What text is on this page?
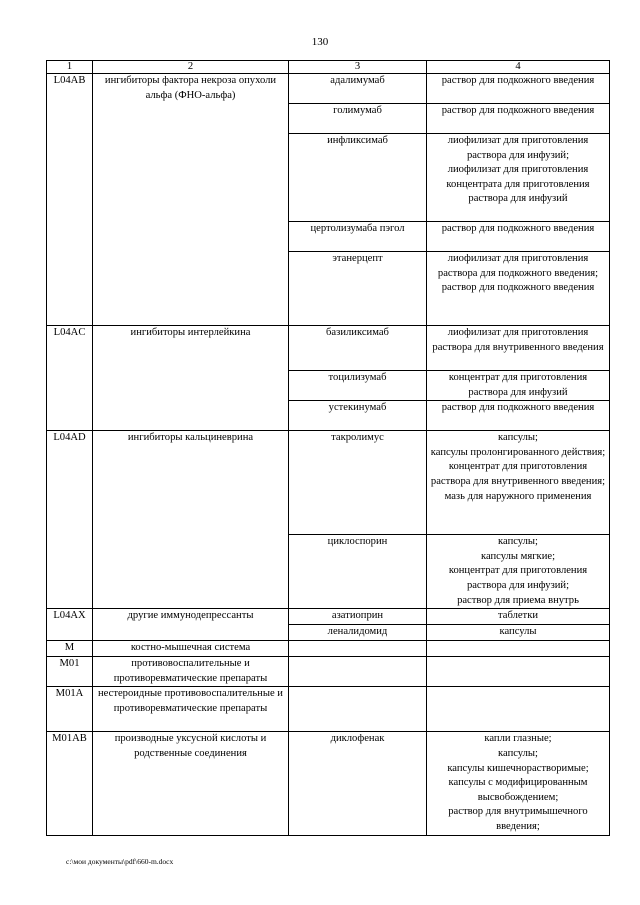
130
1	2	3	4
L04AB	ингибиторы фактора некроза опухоли альфа (ФНО-альфа)	адалимумаб	раствор для подкожного введения

		голимумаб	раствор для подкожного введения

		инфликсимаб	лиофилизат для приготовления раствора для инфузий;
лиофилизат для приготовления концентрата для приготовления раствора для инфузий

		цертолизумаба пэгол	раствор для подкожного введения

		этанерцепт	лиофилизат для приготовления раствора для подкожного введения;
раствор для подкожного введения

L04AC	ингибиторы интерлейкина	базиликсимаб	лиофилизат для приготовления раствора для внутривенного введения

		тоцилизумаб	концентрат для приготовления раствора для инфузий

		устекинумаб	раствор для подкожного введения

L04AD	ингибиторы кальциневрина	такролимус	капсулы;
капсулы пролонгированного действия;
концентрат для приготовления раствора для внутривенного введения;
мазь для наружного применения

		циклоспорин	капсулы;
капсулы мягкие;
концентрат для приготовления раствора для инфузий;
раствор для приема внутрь

L04AX	другие иммунодепрессанты	азатиоприн	таблетки

		леналидомид	капсулы

M	костно-мышечная система		
M01	противовоспалительные и противоревматические препараты		
M01A	нестероидные противовоспалительные и противоревматические препараты		
M01AB	производные уксусной кислоты и родственные соединения	диклофенак	капли глазные;
капсулы;
капсулы кишечнорастворимые;
капсулы с модифицированным высвобождением;
раствор для внутримышечного введения;
c:\мои документы\pdf\660-m.docx
